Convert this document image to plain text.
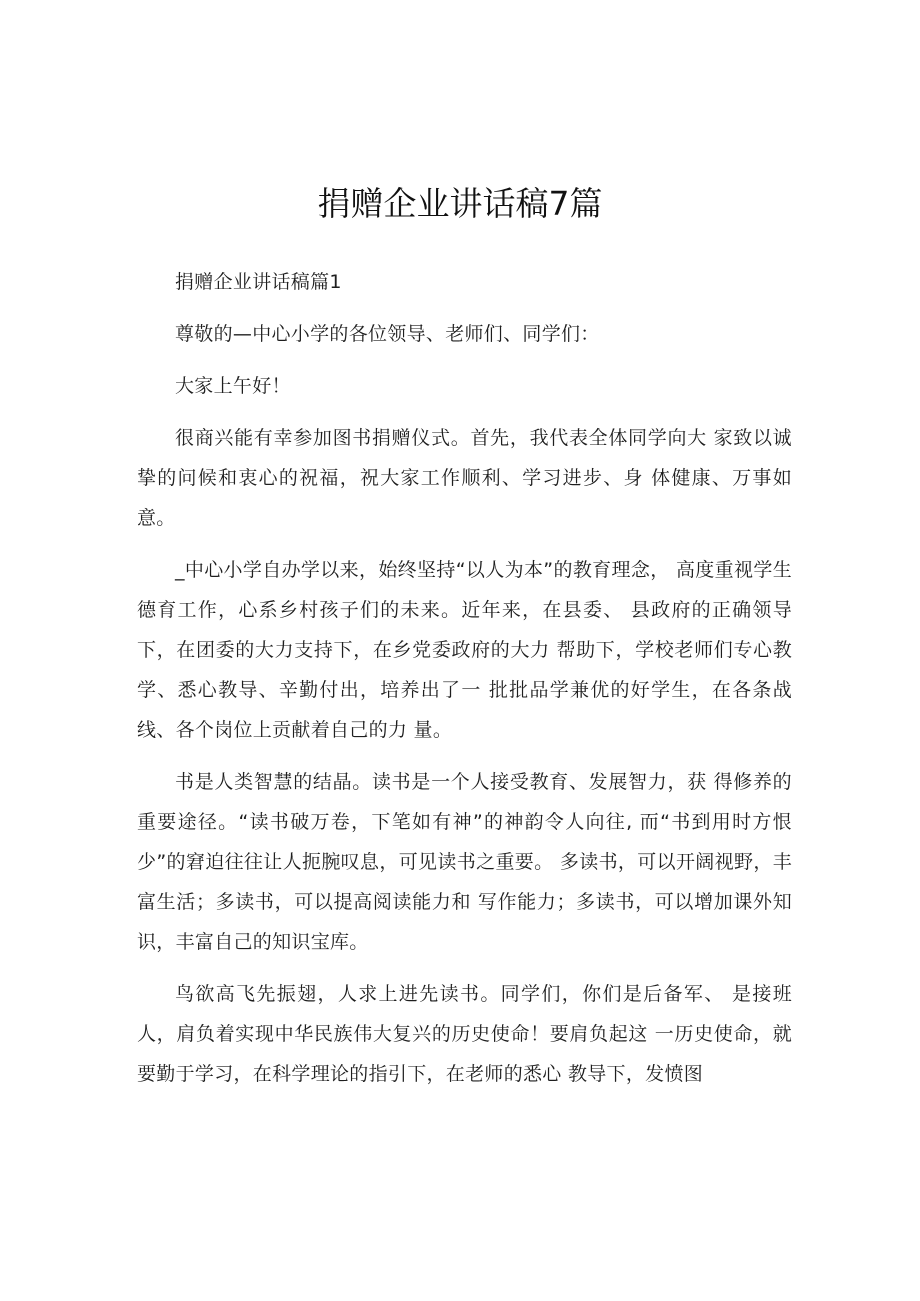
捐赠企业讲话稿7篇

捐赠企业讲话稿篇1

尊敬的—中心小学的各位领导、老师们、同学们：

大家上午好！

很商兴能有幸参加图书捐赠仪式。首先，我代表全体同学向大 家致以诚挚的问候和衷心的祝福，祝大家工作顺利、学习进步、身 体健康、万事如意。

_中心小学自办学以来，始终坚持“以人为本”的教育理念， 高度重视学生德育工作，心系乡村孩子们的未来。近年来，在县委、 县政府的正确领导下，在团委的大力支持下，在乡党委政府的大力 帮助下，学校老师们专心教学、悉心教导、辛勤付出，培养出了一 批批品学兼优的好学生，在各条战线、各个岗位上贡献着自己的力 量。

书是人类智慧的结晶。读书是一个人接受教育、发展智力，获 得修养的重要途径。“读书破万卷，下笔如有神”的神韵令人向往, 而“书到用时方恨少”的窘迫往往让人扼腕叹息，可见读书之重要。 多读书，可以开阔视野，丰富生活；多读书，可以提高阅读能力和 写作能力；多读书，可以增加课外知识，丰富自己的知识宝库。

鸟欲高飞先振翅，人求上进先读书。同学们，你们是后备军、 是接班人，肩负着实现中华民族伟大复兴的历史使命！要肩负起这 一历史使命，就要勤于学习，在科学理论的指引下，在老师的悉心 教导下，发愤图
